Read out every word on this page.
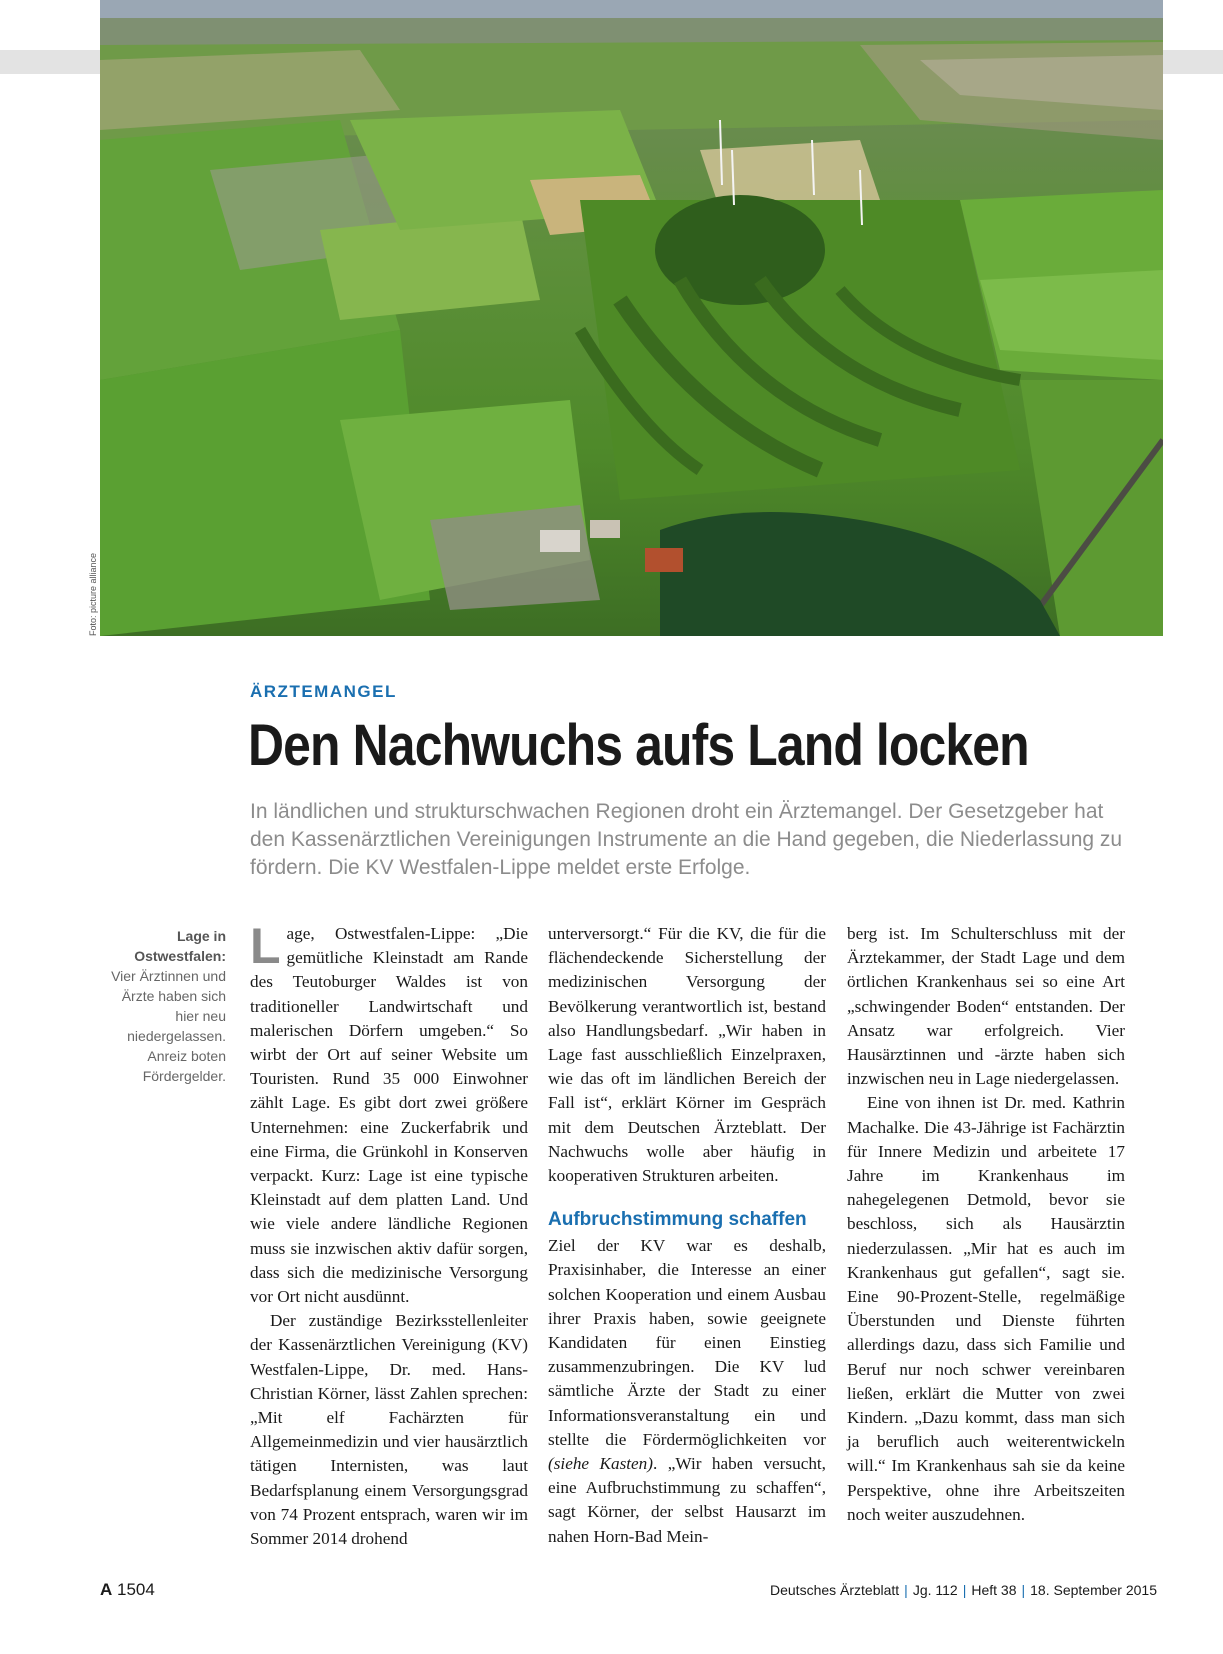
Foto: picture alliance
ÄRZTEMANGEL
Den Nachwuchs aufs Land locken

In ländlichen und strukturschwachen Regionen droht ein Ärztemangel. Der Gesetzgeber hat den Kassenärztlichen Vereinigungen Instrumente an die Hand gegeben, die Niederlassung zu fördern. Die KV Westfalen-Lippe meldet erste Erfolge.

Lage in Ostwestfalen:
Vier Ärztinnen und Ärzte haben sich hier neu niedergelassen. Anreiz boten Fördergelder.

Lage, Ostwestfalen-Lippe: „Die gemütliche Kleinstadt am Rande des Teutoburger Waldes ist von traditioneller Landwirtschaft und malerischen Dörfern umgeben.“ So wirbt der Ort auf seiner Website um Touristen. Rund 35 000 Einwohner zählt Lage. Es gibt dort zwei größere Unternehmen: eine Zuckerfabrik und eine Firma, die Grünkohl in Konserven verpackt. Kurz: Lage ist eine typische Kleinstadt auf dem platten Land. Und wie viele andere ländliche Regionen muss sie inzwischen aktiv dafür sorgen, dass sich die medizinische Versorgung vor Ort nicht ausdünnt.

Der zuständige Bezirksstellenleiter der Kassenärztlichen Vereinigung (KV) Westfalen-Lippe, Dr. med. Hans-Christian Körner, lässt Zahlen sprechen: „Mit elf Fachärzten für Allgemeinmedizin und vier hausärztlich tätigen Internisten, was laut Bedarfsplanung einem Versorgungsgrad von 74 Prozent entsprach, waren wir im Sommer 2014 drohend

unterversorgt.“ Für die KV, die für die flächendeckende Sicherstellung der medizinischen Versorgung der Bevölkerung verantwortlich ist, bestand also Handlungsbedarf. „Wir haben in Lage fast ausschließlich Einzelpraxen, wie das oft im ländlichen Bereich der Fall ist“, erklärt Körner im Gespräch mit dem Deutschen Ärzteblatt. Der Nachwuchs wolle aber häufig in kooperativen Strukturen arbeiten.

Aufbruchstimmung schaffen

Ziel der KV war es deshalb, Praxisinhaber, die Interesse an einer solchen Kooperation und einem Ausbau ihrer Praxis haben, sowie geeignete Kandidaten für einen Einstieg zusammenzubringen. Die KV lud sämtliche Ärzte der Stadt zu einer Informationsveranstaltung ein und stellte die Fördermöglichkeiten vor (siehe Kasten). „Wir haben versucht, eine Aufbruchstimmung zu schaffen“, sagt Körner, der selbst Hausarzt im nahen Horn-Bad Mein-

berg ist. Im Schulterschluss mit der Ärztekammer, der Stadt Lage und dem örtlichen Krankenhaus sei so eine Art „schwingender Boden“ entstanden. Der Ansatz war erfolgreich. Vier Hausärztinnen und -ärzte haben sich inzwischen neu in Lage niedergelassen.

Eine von ihnen ist Dr. med. Kathrin Machalke. Die 43-Jährige ist Fachärztin für Innere Medizin und arbeitete 17 Jahre im Krankenhaus im nahegelegenen Detmold, bevor sie beschloss, sich als Hausärztin niederzulassen. „Mir hat es auch im Krankenhaus gut gefallen“, sagt sie. Eine 90-Prozent-Stelle, regelmäßige Überstunden und Dienste führten allerdings dazu, dass sich Familie und Beruf nur noch schwer vereinbaren ließen, erklärt die Mutter von zwei Kindern. „Dazu kommt, dass man sich ja beruflich auch weiterentwickeln will.“ Im Krankenhaus sah sie da keine Perspektive, ohne ihre Arbeitszeiten noch weiter auszudehnen.

A 1504	Deutsches Ärzteblatt | Jg. 112 | Heft 38 | 18. September 2015
